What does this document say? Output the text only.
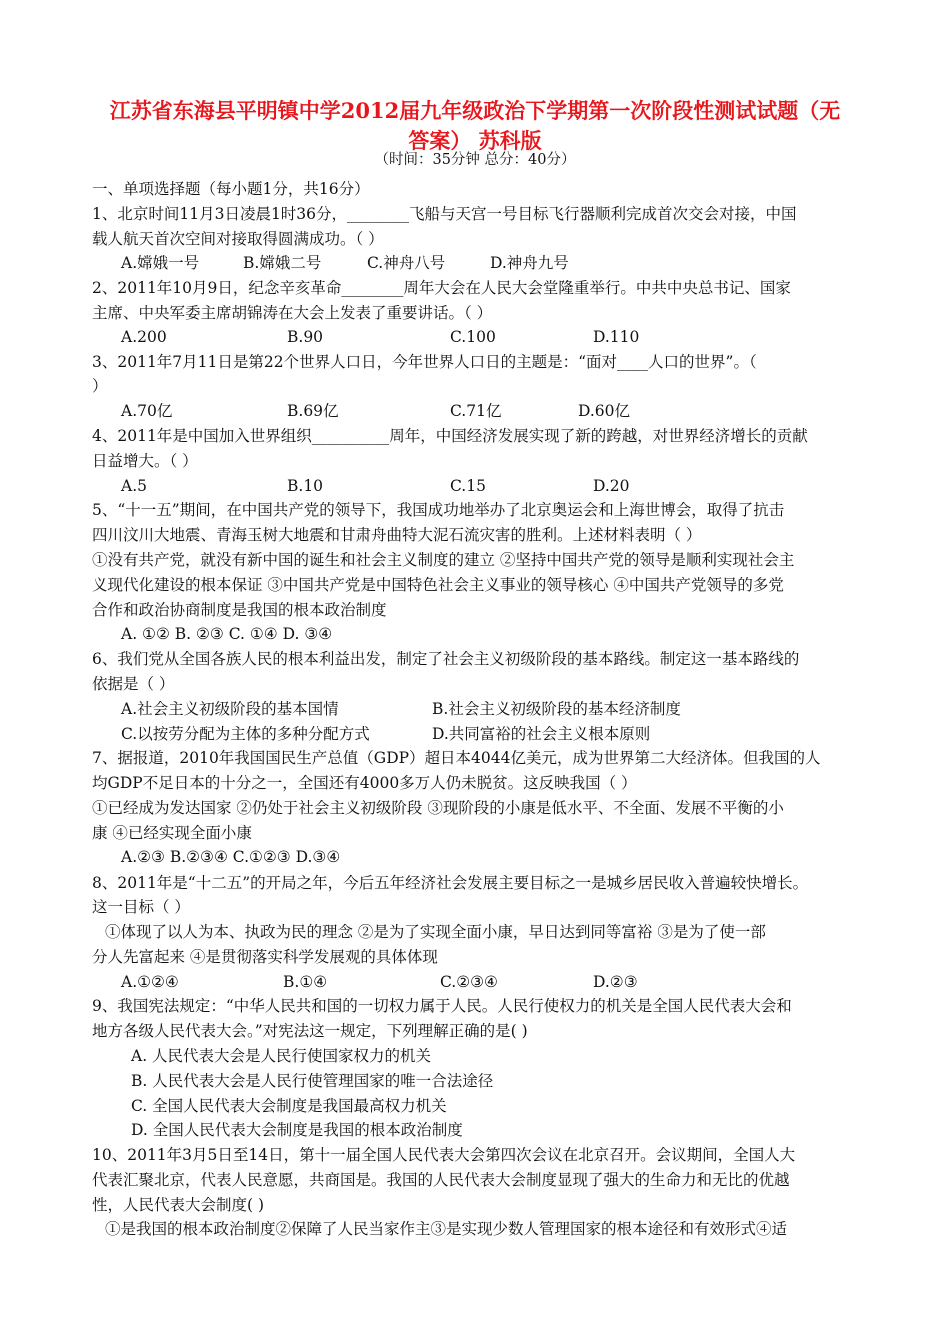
江苏省东海县平明镇中学2012届九年级政治下学期第一次阶段性测试试题（无
答案） 苏科版
（时间：35分钟 总分：40分）
一、单项选择题（每小题1分，共16分）
1、北京时间11月3日凌晨1时36分，________飞船与天宫一号目标飞行器顺利完成首次交会对接，中国
载人航天首次空间对接取得圆满成功。（ ）
A.嫦娥一号	B.嫦娥二号	C.神舟八号	D.神舟九号
2、2011年10月9日，纪念辛亥革命________周年大会在人民大会堂隆重举行。中共中央总书记、国家
主席、中央军委主席胡锦涛在大会上发表了重要讲话。（ ）
A.200	B.90	C.100	D.110
3、2011年7月11日是第22个世界人口日，今年世界人口日的主题是：“面对____人口的世界”。（
）
A.70亿	B.69亿	C.71亿	D.60亿
4、2011年是中国加入世界组织__________周年，中国经济发展实现了新的跨越，对世界经济增长的贡献
日益增大。（ ）
A.5	B.10	C.15	D.20
5、“十一五”期间，在中国共产党的领导下，我国成功地举办了北京奥运会和上海世博会，取得了抗击
四川汶川大地震、青海玉树大地震和甘肃舟曲特大泥石流灾害的胜利。上述材料表明（ ）
①没有共产党，就没有新中国的诞生和社会主义制度的建立 ②坚持中国共产党的领导是顺利实现社会主
义现代化建设的根本保证 ③中国共产党是中国特色社会主义事业的领导核心 ④中国共产党领导的多党
合作和政治协商制度是我国的根本政治制度
A. ①② B. ②③ C. ①④ D. ③④
6、我们党从全国各族人民的根本利益出发，制定了社会主义初级阶段的基本路线。制定这一基本路线的
依据是（ ）
A.社会主义初级阶段的基本国情	B.社会主义初级阶段的基本经济制度
C.以按劳分配为主体的多种分配方式	D.共同富裕的社会主义根本原则
7、据报道，2010年我国国民生产总值（GDP）超日本4044亿美元，成为世界第二大经济体。但我国的人
均GDP不足日本的十分之一，全国还有4000多万人仍未脱贫。这反映我国（ ）
①已经成为发达国家 ②仍处于社会主义初级阶段 ③现阶段的小康是低水平、不全面、发展不平衡的小
康 ④已经实现全面小康
A.②③ B.②③④ C.①②③ D.③④
8、2011年是“十二五”的开局之年，今后五年经济社会发展主要目标之一是城乡居民收入普遍较快增长。
这一目标（ ）
①体现了以人为本、执政为民的理念 ②是为了实现全面小康，早日达到同等富裕 ③是为了使一部
分人先富起来 ④是贯彻落实科学发展观的具体体现
A.①②④	B.①④	C.②③④	D.②③
9、我国宪法规定：“中华人民共和国的一切权力属于人民。人民行使权力的机关是全国人民代表大会和
地方各级人民代表大会。”对宪法这一规定，下列理解正确的是( )
A. 人民代表大会是人民行使国家权力的机关
B. 人民代表大会是人民行使管理国家的唯一合法途径
C. 全国人民代表大会制度是我国最高权力机关
D. 全国人民代表大会制度是我国的根本政治制度
10、2011年3月5日至14日，第十一届全国人民代表大会第四次会议在北京召开。会议期间，全国人大
代表汇聚北京，代表人民意愿，共商国是。我国的人民代表大会制度显现了强大的生命力和无比的优越
性，人民代表大会制度( )
①是我国的根本政治制度②保障了人民当家作主③是实现少数人管理国家的根本途径和有效形式④适
